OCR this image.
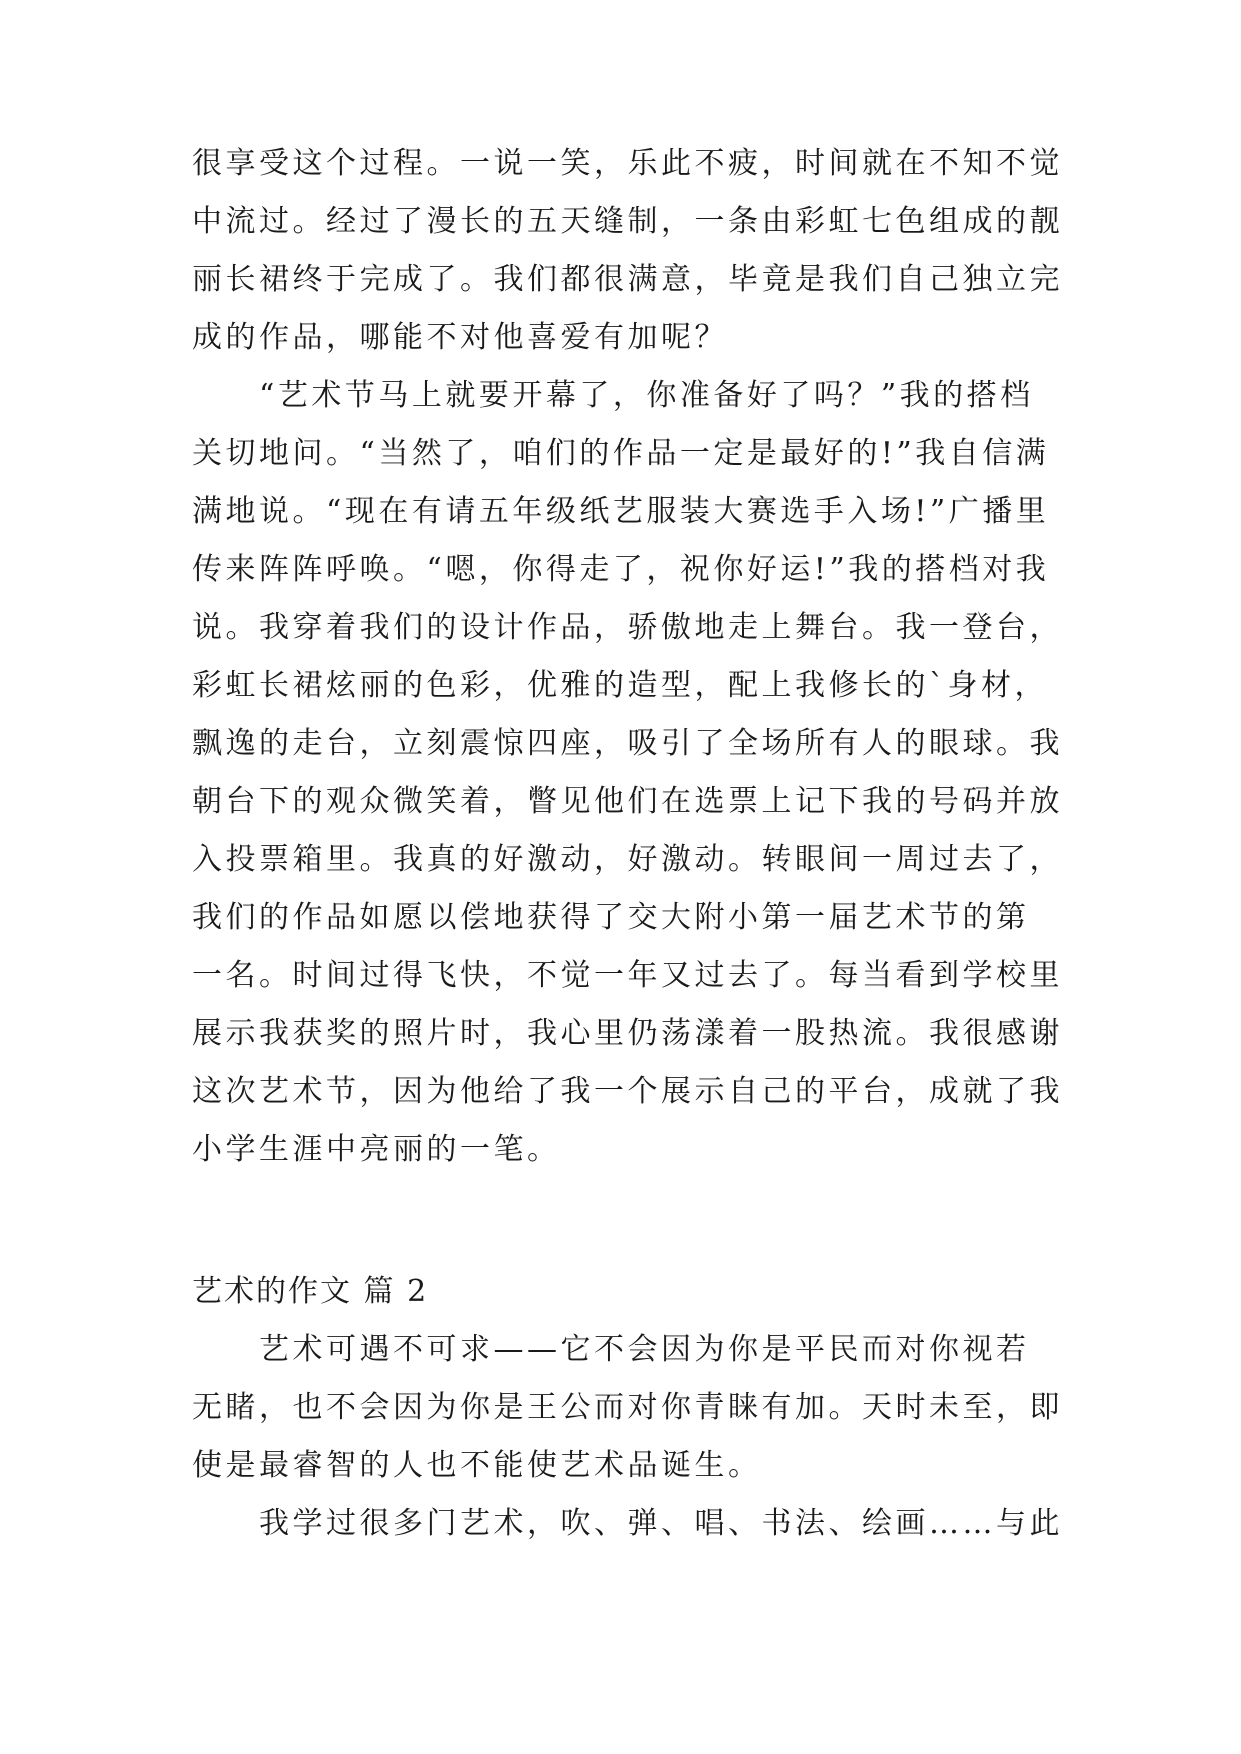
很享受这个过程。一说一笑，乐此不疲，时间就在不知不觉
中流过。经过了漫长的五天缝制，一条由彩虹七色组成的靓
丽长裙终于完成了。我们都很满意，毕竟是我们自己独立完
成的作品，哪能不对他喜爱有加呢？
　　“艺术节马上就要开幕了，你准备好了吗？”我的搭档
关切地问。“当然了，咱们的作品一定是最好的!”我自信满
满地说。“现在有请五年级纸艺服装大赛选手入场!”广播里
传来阵阵呼唤。“嗯，你得走了，祝你好运!”我的搭档对我
说。我穿着我们的设计作品，骄傲地走上舞台。我一登台，
彩虹长裙炫丽的色彩，优雅的造型，配上我修长的`身材，
飘逸的走台，立刻震惊四座，吸引了全场所有人的眼球。我
朝台下的观众微笑着，瞥见他们在选票上记下我的号码并放
入投票箱里。我真的好激动，好激动。转眼间一周过去了，
我们的作品如愿以偿地获得了交大附小第一届艺术节的第
一名。时间过得飞快，不觉一年又过去了。每当看到学校里
展示我获奖的照片时，我心里仍荡漾着一股热流。我很感谢
这次艺术节，因为他给了我一个展示自己的平台，成就了我
小学生涯中亮丽的一笔。
艺术的作文 篇 2
　　艺术可遇不可求——它不会因为你是平民而对你视若
无睹，也不会因为你是王公而对你青睐有加。天时未至，即
使是最睿智的人也不能使艺术品诞生。
　　我学过很多门艺术，吹、弹、唱、书法、绘画……与此
